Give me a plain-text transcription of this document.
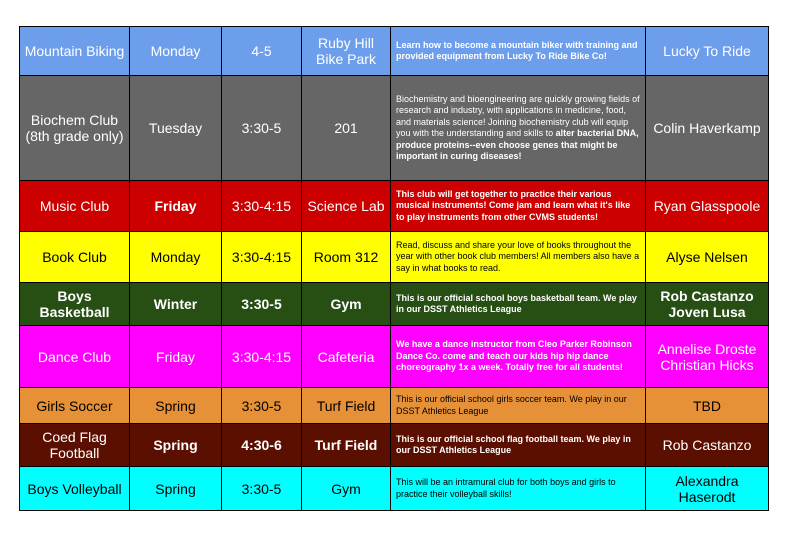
Mountain Biking	Monday	4-5	Ruby Hill Bike Park	Learn how to become a mountain biker with training and provided equipment from Lucky To Ride Bike Co!	Lucky To Ride
Biochem Club (8th grade only)	Tuesday	3:30-5	201	Biochemistry and bioengineering are quickly growing fields of research and industry, with applications in medicine, food, and materials science! Joining biochemistry club will equip you with the understanding and skills to alter bacterial DNA, produce proteins--even choose genes that might be important in curing diseases!	Colin Haverkamp
Music Club	Friday	3:30-4:15	Science Lab	This club will get together to practice their various musical instruments! Come jam and learn what it's like to play instruments from other CVMS students!	Ryan Glasspoole
Book Club	Monday	3:30-4:15	Room 312	Read, discuss and share your love of books throughout the year with other book club members! All members also have a say in what books to read.	Alyse Nelsen
Boys Basketball	Winter	3:30-5	Gym	This is our official school boys basketball team. We play in our DSST Athletics League	Rob Castanzo Joven Lusa
Dance Club	Friday	3:30-4:15	Cafeteria	We have a dance instructor from Cleo Parker Robinson Dance Co. come and teach our kids hip hip dance choreography 1x a week. Totally free for all students!	Annelise Droste Christian Hicks
Girls Soccer	Spring	3:30-5	Turf Field	This is our official school girls soccer team. We play in our DSST Athletics League	TBD
Coed Flag Football	Spring	4:30-6	Turf Field	This is our official school flag football team. We play in our DSST Athletics League	Rob Castanzo
Boys Volleyball	Spring	3:30-5	Gym	This will be an intramural club for both boys and girls to practice their volleyball skills!	Alexandra Haserodt
